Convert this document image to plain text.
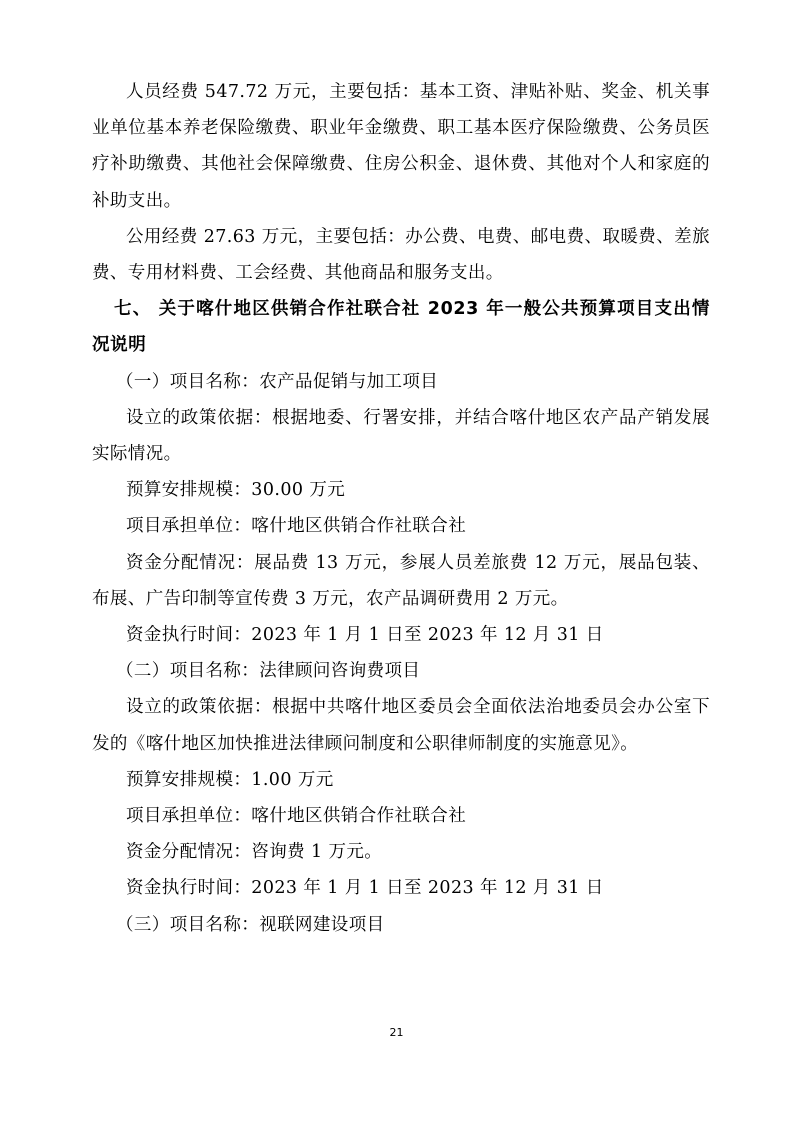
人员经费 547.72 万元，主要包括：基本工资、津贴补贴、奖金、机关事业单位基本养老保险缴费、职业年金缴费、职工基本医疗保险缴费、公务员医疗补助缴费、其他社会保障缴费、住房公积金、退休费、其他对个人和家庭的补助支出。

公用经费 27.63 万元，主要包括：办公费、电费、邮电费、取暖费、差旅费、专用材料费、工会经费、其他商品和服务支出。

七、 关于喀什地区供销合作社联合社 2023 年一般公共预算项目支出情况说明

（一）项目名称：农产品促销与加工项目

设立的政策依据：根据地委、行署安排，并结合喀什地区农产品产销发展实际情况。

预算安排规模：30.00 万元

项目承担单位：喀什地区供销合作社联合社

资金分配情况：展品费 13 万元，参展人员差旅费 12 万元，展品包装、布展、广告印制等宣传费 3 万元，农产品调研费用 2 万元。

资金执行时间：2023 年 1 月 1 日至 2023 年 12 月 31 日

（二）项目名称：法律顾问咨询费项目

设立的政策依据：根据中共喀什地区委员会全面依法治地委员会办公室下发的《喀什地区加快推进法律顾问制度和公职律师制度的实施意见》。

预算安排规模：1.00 万元

项目承担单位：喀什地区供销合作社联合社

资金分配情况：咨询费 1 万元。

资金执行时间：2023 年 1 月 1 日至 2023 年 12 月 31 日

（三）项目名称：视联网建设项目

21
